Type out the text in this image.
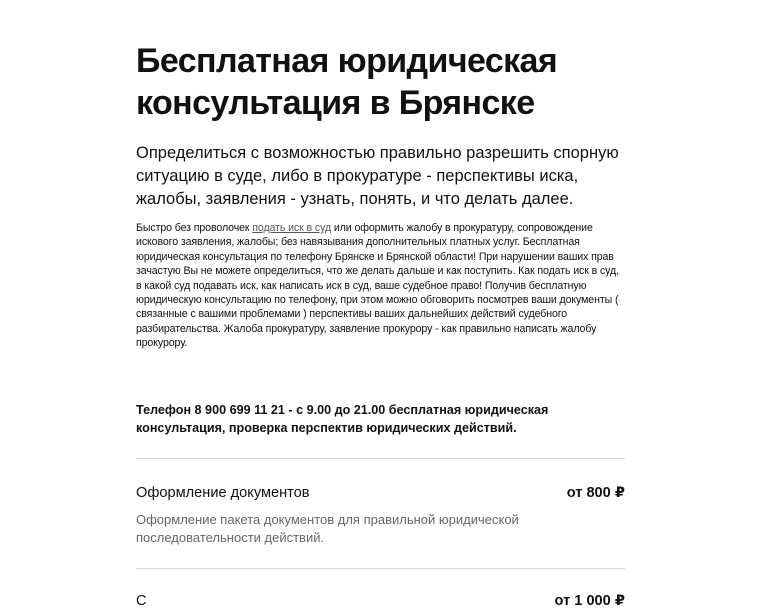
Бесплатная юридическая консультация в Брянске

Определиться с возможностью правильно разрешить спорную ситуацию в суде, либо в прокуратуре - перспективы иска, жалобы, заявления - узнать, понять, и что делать далее.

Быстро без проволочек подать иск в суд или оформить жалобу в прокуратуру, сопровождение искового заявления, жалобы; без навязывания дополнительных платных услуг. Бесплатная юридическая консультация по телефону Брянске и Брянской области! При нарушении ваших прав зачастую Вы не можете определиться, что же делать дальше и как поступить. Как подать иск в суд, в какой суд подавать иск, как написать иск в суд, ваше судебное право! Получив бесплатную юридическую консультацию по телефону, при этом можно обговорить посмотрев ваши документы ( связанные с вашими проблемами ) перспективы ваших дальнейших действий судебного разбирательства. Жалоба прокуратуру, заявление прокурору - как правильно написать жалобу прокурору.

Телефон 8 900 699 11 21 - с 9.00 до 21.00 бесплатная юридическая консультация, проверка перспектив юридических действий.
Оформление документов	от 800 ₽
Оформление пакета документов для правильной юридической последовательности действий.
С	от 1 000 ₽
